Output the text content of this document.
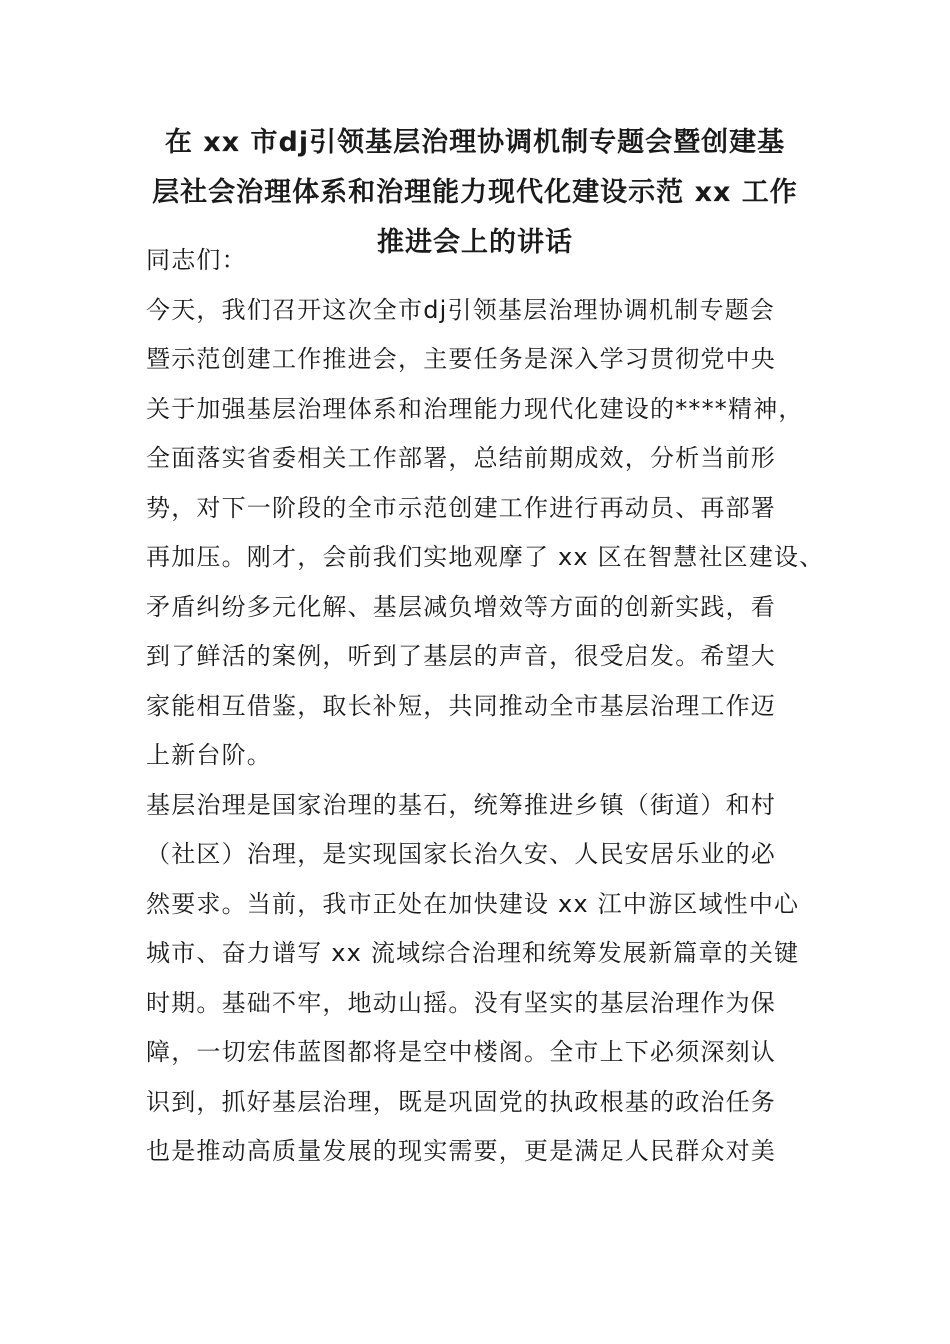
在 xx 市dj引领基层治理协调机制专题会暨创建基
层社会治理体系和治理能力现代化建设示范 xx 工作
推进会上的讲话
同志们：
今天，我们召开这次全市dj引领基层治理协调机制专题会
暨示范创建工作推进会，主要任务是深入学习贯彻党中央
关于加强基层治理体系和治理能力现代化建设的****精神，
全面落实省委相关工作部署，总结前期成效，分析当前形
势，对下一阶段的全市示范创建工作进行再动员、再部署
再加压。刚才，会前我们实地观摩了 xx 区在智慧社区建设、
矛盾纠纷多元化解、基层减负增效等方面的创新实践，看
到了鲜活的案例，听到了基层的声音，很受启发。希望大
家能相互借鉴，取长补短，共同推动全市基层治理工作迈
上新台阶。
基层治理是国家治理的基石，统筹推进乡镇（街道）和村
（社区）治理，是实现国家长治久安、人民安居乐业的必
然要求。当前，我市正处在加快建设 xx 江中游区域性中心
城市、奋力谱写 xx 流域综合治理和统筹发展新篇章的关键
时期。基础不牢，地动山摇。没有坚实的基层治理作为保
障，一切宏伟蓝图都将是空中楼阁。全市上下必须深刻认
识到，抓好基层治理，既是巩固党的执政根基的政治任务
也是推动高质量发展的现实需要，更是满足人民群众对美
